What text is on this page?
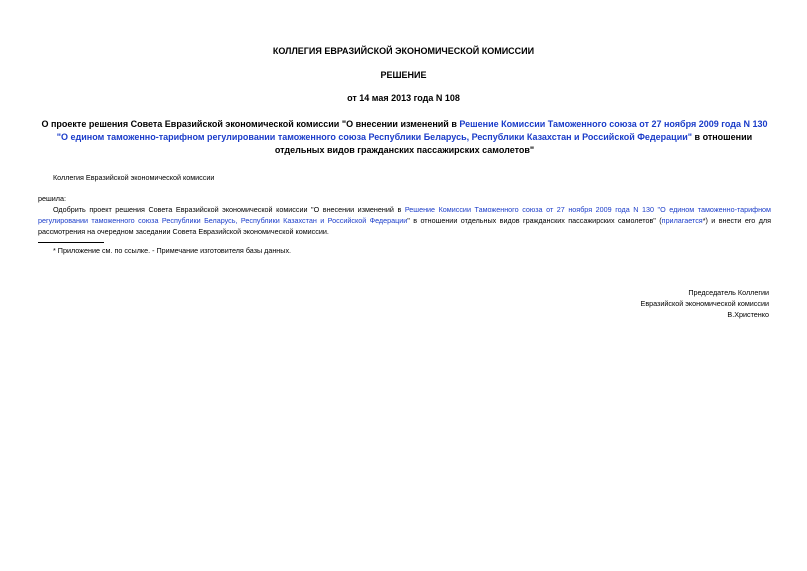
КОЛЛЕГИЯ ЕВРАЗИЙСКОЙ ЭКОНОМИЧЕСКОЙ КОМИССИИ
РЕШЕНИЕ
от 14 мая 2013 года N 108
О проекте решения Совета Евразийской экономической комиссии "О внесении изменений в Решение Комиссии Таможенного союза от 27 ноября 2009 года N 130 "О едином таможенно-тарифном регулировании таможенного союза Республики Беларусь, Республики Казахстан и Российской Федерации" в отношении отдельных видов гражданских пассажирских самолетов"
Коллегия Евразийской экономической комиссии
решила:
Одобрить проект решения Совета Евразийской экономической комиссии "О внесении изменений в Решение Комиссии Таможенного союза от 27 ноября 2009 года N 130 "О едином таможенно-тарифном регулировании таможенного союза Республики Беларусь, Республики Казахстан и Российской Федерации" в отношении отдельных видов гражданских пассажирских самолетов" (прилагается*) и внести его для рассмотрения на очередном заседании Совета Евразийской экономической комиссии.
* Приложение см. по ссылке. - Примечание изготовителя базы данных.
Председатель Коллегии
Евразийской экономической комиссии
В.Христенко
